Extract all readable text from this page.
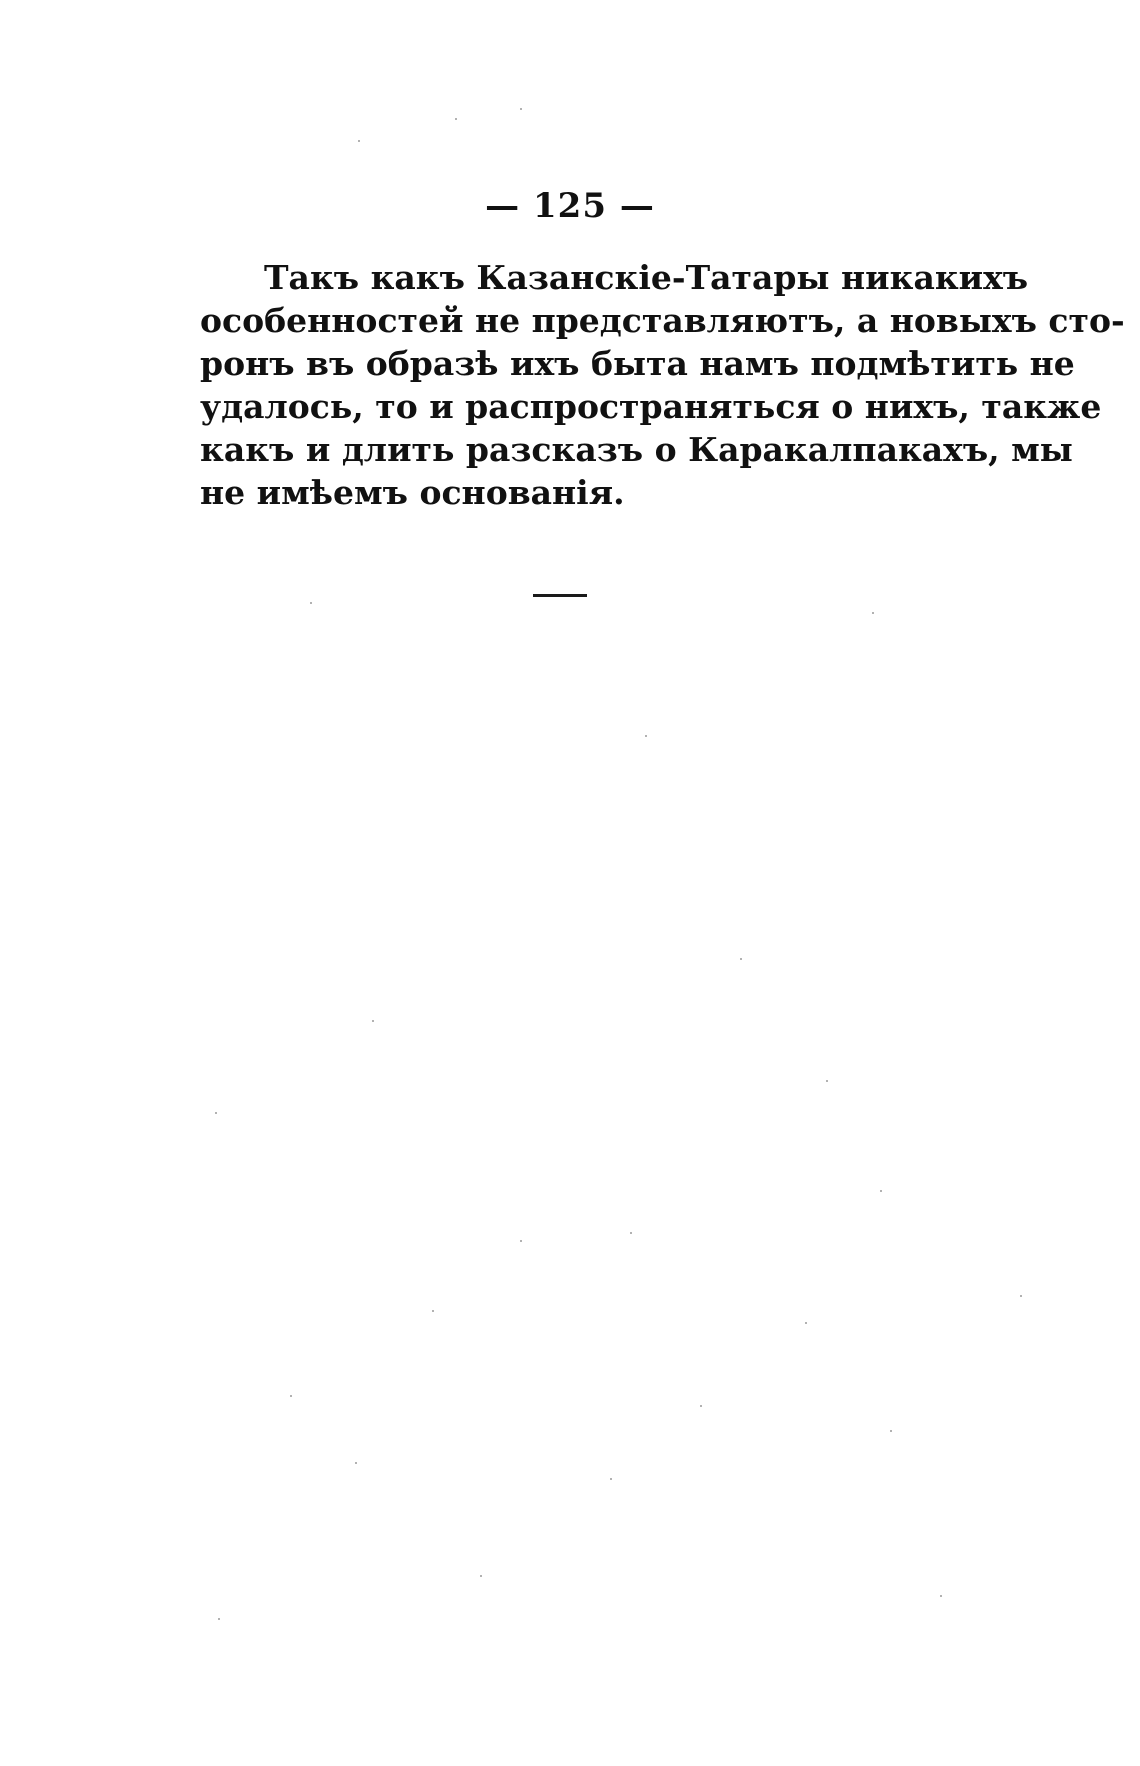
— 125 —
Такъ какъ Казанскіе-Татары никакихъ
особенностей не представляютъ, а новыхъ сто-
ронъ въ образѣ ихъ быта намъ подмѣтить не
удалось, то и распространяться о нихъ, также
какъ и длить разсказъ о Каракалпакахъ, мы
не имѣемъ основанія.
